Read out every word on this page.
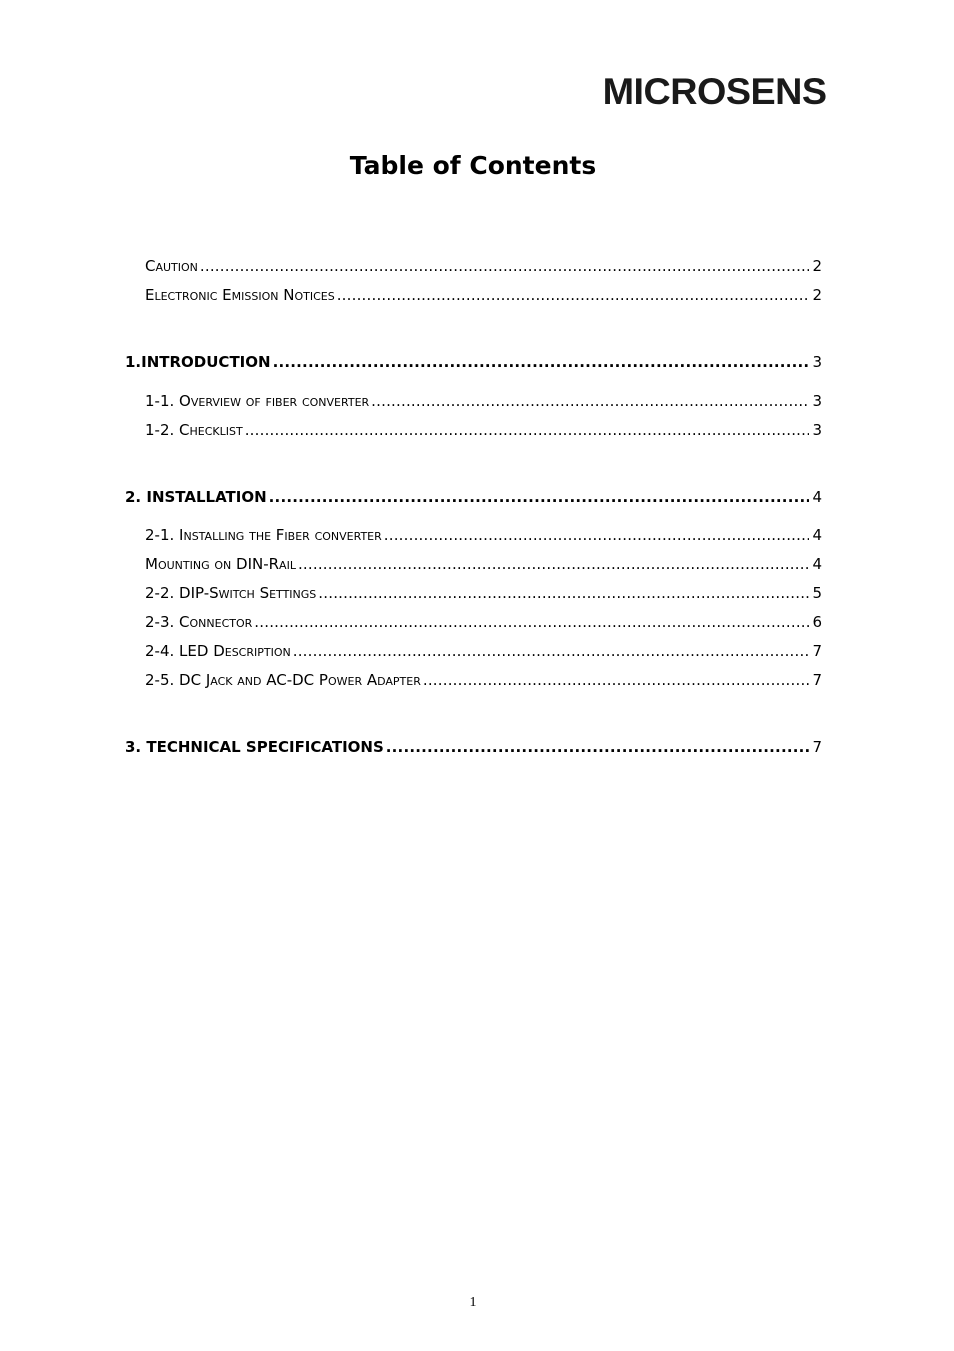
MICROSENS
Table of Contents
Caution .....	2
Electronic Emission Notices .....	2
1.INTRODUCTION .....	3
1-1. Overview of fiber converter .....	3
1-2. Checklist .....	3
2. INSTALLATION .....	4
2-1. Installing the Fiber converter .....	4
Mounting on DIN-Rail .....	4
2-2. DIP-Switch Settings .....	5
2-3. Connector .....	6
2-4. LED Description .....	7
2-5. DC Jack and AC-DC Power Adapter .....	7
3. TECHNICAL SPECIFICATIONS .....	7
1
